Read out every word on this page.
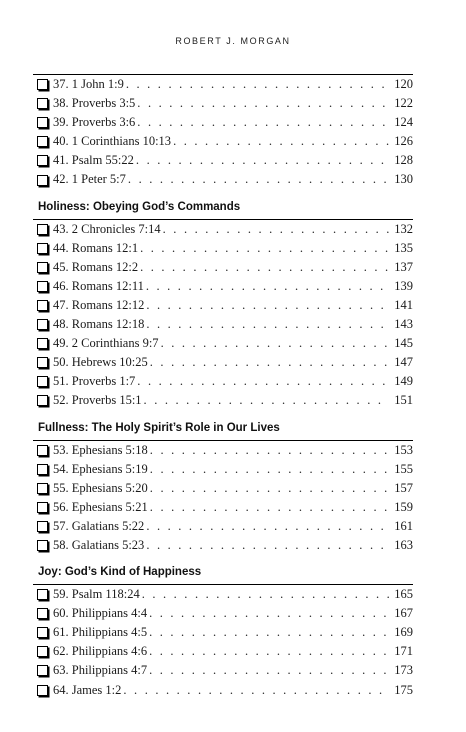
ROBERT J. MORGAN
37. 1 John 1:9 . . .	120
38. Proverbs 3:5 . . .	122
39. Proverbs 3:6 . . .	124
40. 1 Corinthians 10:13 . . .	126
41. Psalm 55:22 . . .	128
42. 1 Peter 5:7 . . .	130
Holiness: Obeying God’s Commands
43. 2 Chronicles 7:14 . . .	132
44. Romans 12:1 . . .	135
45. Romans 12:2 . . .	137
46. Romans 12:11 . . .	139
47. Romans 12:12 . . .	141
48. Romans 12:18 . . .	143
49. 2 Corinthians 9:7 . . .	145
50. Hebrews 10:25 . . .	147
51. Proverbs 1:7 . . .	149
52. Proverbs 15:1 . . .	151
Fullness: The Holy Spirit’s Role in Our Lives
53. Ephesians 5:18 . . .	153
54. Ephesians 5:19 . . .	155
55. Ephesians 5:20 . . .	157
56. Ephesians 5:21 . . .	159
57. Galatians 5:22 . . .	161
58. Galatians 5:23 . . .	163
Joy: God’s Kind of Happiness
59. Psalm 118:24 . . .	165
60. Philippians 4:4 . . .	167
61. Philippians 4:5 . . .	169
62. Philippians 4:6 . . .	171
63. Philippians 4:7 . . .	173
64. James 1:2 . . .	175
